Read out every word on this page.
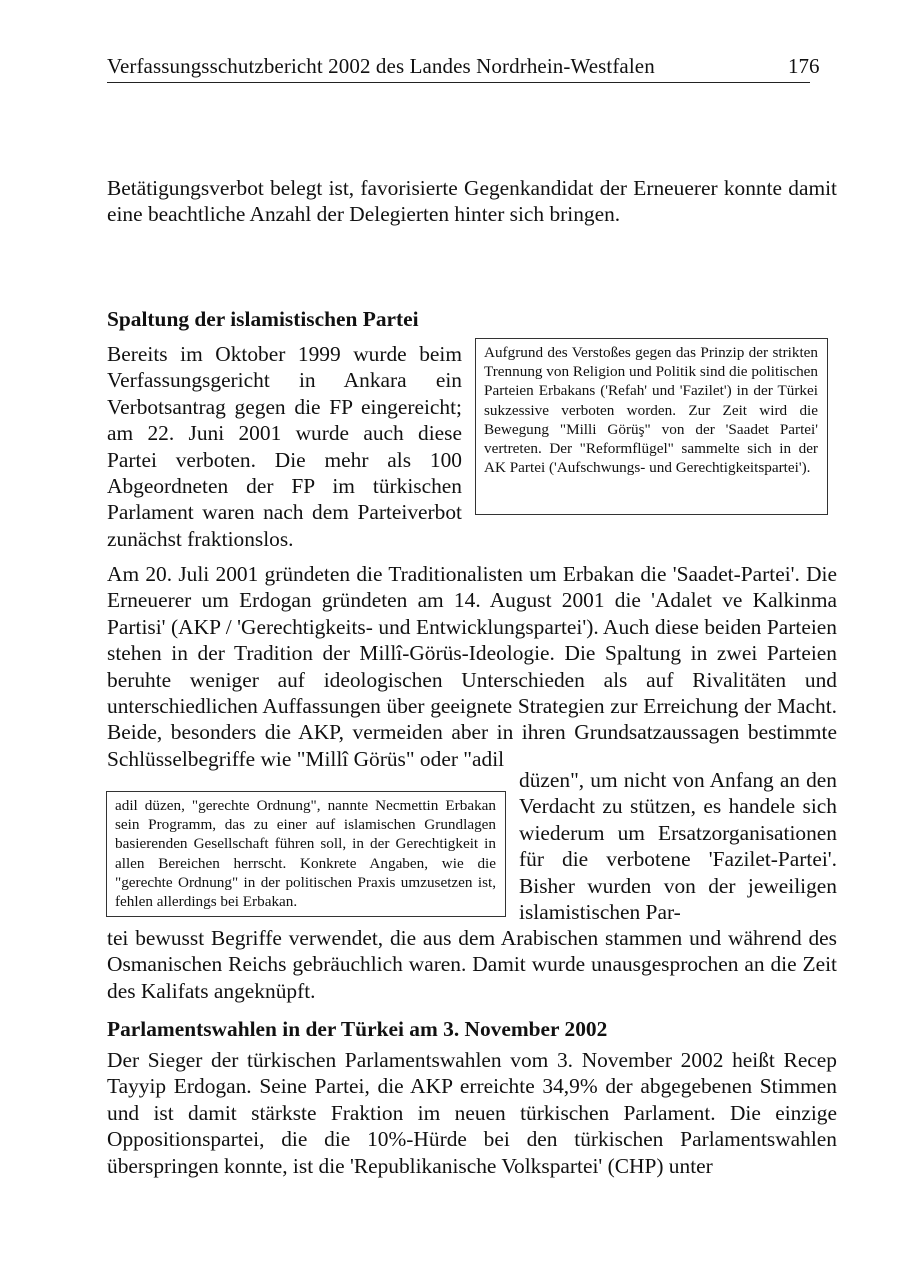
Verfassungsschutzbericht 2002 des Landes Nordrhein-Westfalen	176

Betätigungsverbot belegt ist, favorisierte Gegenkandidat der Erneuerer konnte damit eine beachtliche Anzahl der Delegierten hinter sich bringen.

Spaltung der islamistischen Partei

Bereits im Oktober 1999 wurde beim Verfassungsgericht in Ankara ein Verbotsantrag gegen die FP eingereicht; am 22. Juni 2001 wurde auch diese Partei verboten. Die mehr als 100 Abgeordneten der FP im türkischen Parlament waren nach dem Parteiverbot zunächst fraktionslos.

Aufgrund des Verstoßes gegen das Prinzip der strikten Trennung von Religion und Politik sind die politischen Parteien Erbakans ('Refah' und 'Fazilet') in der Türkei sukzessive verboten worden. Zur Zeit wird die Bewegung "Milli Görüş" von der 'Saadet Partei' vertreten. Der "Reformflügel" sammelte sich in der AK Partei ('Aufschwungs- und Gerechtigkeitspartei').

Am 20. Juli 2001 gründeten die Traditionalisten um Erbakan die 'Saadet-Partei'. Die Erneuerer um Erdogan gründeten am 14. August 2001 die 'Adalet ve Kalkinma Partisi' (AKP / 'Gerechtigkeits- und Entwicklungspartei'). Auch diese beiden Parteien stehen in der Tradition der Millî-Görüs-Ideologie. Die Spaltung in zwei Parteien beruhte weniger auf ideologischen Unterschieden als auf Rivalitäten und unterschiedlichen Auffassungen über geeignete Strategien zur Erreichung der Macht. Beide, besonders die AKP, vermeiden aber in ihren Grundsatzaussagen bestimmte Schlüsselbegriffe wie "Millî Görüs" oder "adil

düzen", um nicht von Anfang an den Verdacht zu stützen, es handele sich wiederum um Ersatzorganisationen für die verbotene 'Fazilet-Partei'. Bisher wurden von der jeweiligen islamistischen Par-

adil düzen, "gerechte Ordnung", nannte Necmettin Erbakan sein Programm, das zu einer auf islamischen Grundlagen basierenden Gesellschaft führen soll, in der Gerechtigkeit in allen Bereichen herrscht. Konkrete Angaben, wie die "gerechte Ordnung" in der politischen Praxis umzusetzen ist, fehlen allerdings bei Erbakan.

tei bewusst Begriffe verwendet, die aus dem Arabischen stammen und während des Osmanischen Reichs gebräuchlich waren. Damit wurde unausgesprochen an die Zeit des Kalifats angeknüpft.

Parlamentswahlen in der Türkei am 3. November 2002

Der Sieger der türkischen Parlamentswahlen vom 3. November 2002 heißt Recep Tayyip Erdogan. Seine Partei, die AKP erreichte 34,9% der abgegebenen Stimmen und ist damit stärkste Fraktion im neuen türkischen Parlament. Die einzige Oppositionspartei, die die 10%-Hürde bei den türkischen Parlamentswahlen überspringen konnte, ist die 'Republikanische Volkspartei' (CHP) unter
